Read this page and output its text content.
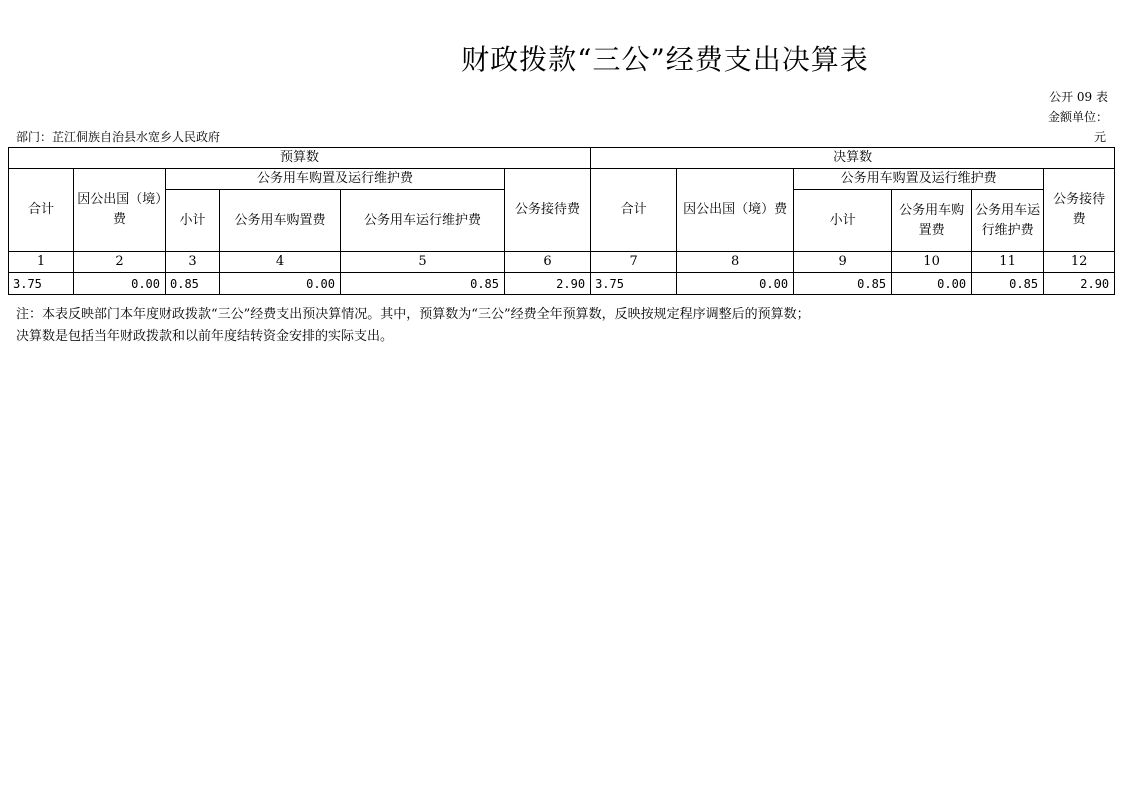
财政拨款“三公”经费支出决算表
公开 09 表
金额单位：
元
部门：芷江侗族自治县水宽乡人民政府
预算数						决算数					
合计	因公出国（境）费	公务用车购置及运行维护费			公务接待费	合计	因公出国（境）费	公务用车购置及运行维护费			公务接待费
		小计	公务用车购置费	公务用车运行维护费				小计	公务用车购置费	公务用车运行维护费	
1	2	3	4	5	6	7	8	9	10	11	12
3.75	0.00	0.85	0.00	0.85	2.90	3.75	0.00	0.85	0.00	0.85	2.90
注：本表反映部门本年度财政拨款“三公”经费支出预决算情况。其中，预算数为“三公”经费全年预算数，反映按规定程序调整后的预算数；
决算数是包括当年财政拨款和以前年度结转资金安排的实际支出。
